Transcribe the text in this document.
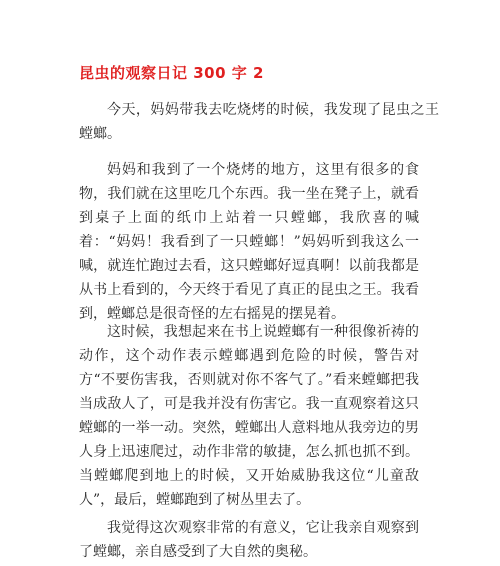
昆虫的观察日记 300 字 2

今天，妈妈带我去吃烧烤的时候，我发现了昆虫之王螳螂。

妈妈和我到了一个烧烤的地方，这里有很多的食物，我们就在这里吃几个东西。我一坐在凳子上，就看到桌子上面的纸巾上站着一只螳螂，我欣喜的喊着：“妈妈！我看到了一只螳螂！”妈妈听到我这么一喊，就连忙跑过去看，这只螳螂好逗真啊！以前我都是从书上看到的，今天终于看见了真正的昆虫之王。我看到，螳螂总是很奇怪的左右摇晃的摆晃着。

这时候，我想起来在书上说螳螂有一种很像祈祷的动作，这个动作表示螳螂遇到危险的时候，警告对方“不要伤害我，否则就对你不客气了。”看来螳螂把我当成敌人了，可是我并没有伤害它。我一直观察着这只螳螂的一举一动。突然，螳螂出人意料地从我旁边的男人身上迅速爬过，动作非常的敏捷，怎么抓也抓不到。当螳螂爬到地上的时候，又开始威胁我这位“儿童敌人”，最后，螳螂跑到了树丛里去了。

我觉得这次观察非常的有意义，它让我亲自观察到了螳螂，亲自感受到了大自然的奥秘。
